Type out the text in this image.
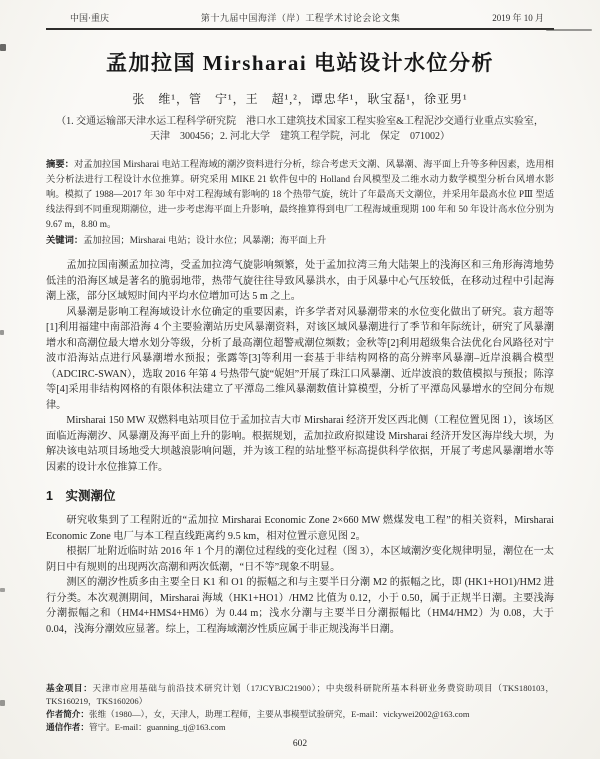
中国·重庆	第十九届中国海洋（岸）工程学术讨论会论文集	2019 年 10 月
孟加拉国 Mirsharai 电站设计水位分析
张　维¹，管　宁¹，王　超¹,²，谭忠华¹，耿宝磊¹，徐亚男¹
（1. 交通运输部天津水运工程科学研究院　港口水工建筑技术国家工程实验室&工程泥沙交通行业重点实验室，天津　300456；2. 河北大学　建筑工程学院，河北　保定　071002）

摘要：对孟加拉国 Mirsharai 电站工程海域的潮汐资料进行分析，综合考虑天文潮、风暴潮、海平面上升等多种因素，选用相关分析法进行工程设计水位推算。研究采用 MIKE 21 软件包中的 Holland 台风模型及二维水动力数学模型分析台风增水影响。模拟了 1988—2017 年 30 年中对工程海域有影响的 18 个热带气旋，统计了年最高天文潮位，并采用年最高水位 PⅢ 型适线法得到不同重现期潮位，进一步考虑海平面上升影响，最终推算得到电厂工程海域重现期 100 年和 50 年设计高水位分别为 9.67 m，8.80 m。

关键词：孟加拉国；Mirsharai 电站；设计水位；风暴潮；海平面上升

孟加拉国南濒孟加拉湾，受孟加拉湾气旋影响频繁，处于孟加拉湾三角大陆架上的浅海区和三角形海湾地势低洼的沿海区域是著名的脆弱地带，热带气旋往往导致风暴洪水，由于风暴中心气压较低，在移动过程中引起海潮上涨，部分区域短时间内平均水位增加可达 5 m 之上。

风暴潮是影响工程海域设计水位确定的重要因素，许多学者对风暴潮带来的水位变化做出了研究。袁方超等[1]利用福建中南部沿海 4 个主要验潮站历史风暴潮资料，对该区域风暴潮进行了季节和年际统计，研究了风暴潮增水和高潮位最大增水划分等级，分析了最高潮位超警戒潮位频数；金秋等[2]利用超级集合法优化台风路径对宁波市沿海站点进行风暴潮增水预报；张露等[3]等利用一套基于非结构网格的高分辨率风暴潮–近岸浪耦合模型（ADCIRC-SWAN），选取 2016 年第 4 号热带气旋“妮妲”开展了珠江口风暴潮、近岸波浪的数值模拟与预报；陈淳等[4]采用非结构网格的有限体积法建立了平潭岛二维风暴潮数值计算模型，分析了平潭岛风暴增水的空间分布规律。

Mirsharai 150 MW 双燃料电站项目位于孟加拉吉大市 Mirsharai 经济开发区西北侧（工程位置见图 1），该场区面临近海潮汐、风暴潮及海平面上升的影响。根据规划，孟加拉政府拟建设 Mirsharai 经济开发区海岸线大坝，为解决该电站项目场地受大坝越浪影响问题，并为该工程的站址整平标高提供科学依据，开展了考虑风暴潮增水等因素的设计水位推算工作。

1　实测潮位

研究收集到了工程附近的“孟加拉 Mirsharai Economic Zone 2×660 MW 燃煤发电工程”的相关资料，Mirsharai Economic Zone 电厂与本工程直线距离约 9.5 km，相对位置示意见图 2。

根据厂址附近临时站 2016 年 1 个月的潮位过程线的变化过程（图 3），本区域潮汐变化规律明显，潮位在一太阴日中有规则的出现两次高潮和两次低潮，“日不等”现象不明显。

测区的潮汐性质多由主要全日 K1 和 O1 的振幅之和与主要半日分潮 M2 的振幅之比，即 (HK1+HO1)/HM2 进行分类。本次观测期间，Mirsharai 海域（HK1+HO1）/HM2 比值为 0.12，小于 0.50，属于正规半日潮。主要浅海分潮振幅之和（HM4+HMS4+HM6）为 0.44 m；浅水分潮与主要半日分潮振幅比（HM4/HM2）为 0.08，大于 0.04，浅海分潮效应显著。综上，工程海域潮汐性质应属于非正规浅海半日潮。

基金项目：天津市应用基础与前沿技术研究计划（17JCYBJC21900）；中央级科研院所基本科研业务费资助项目（TKS180103，TKS160219，TKS160206）

作者简介：张维（1980—），女，天津人，助理工程师，主要从事模型试验研究，E-mail：vickywei2002@163.com

通信作者：管宁。E-mail：guanning_tj@163.com

602
